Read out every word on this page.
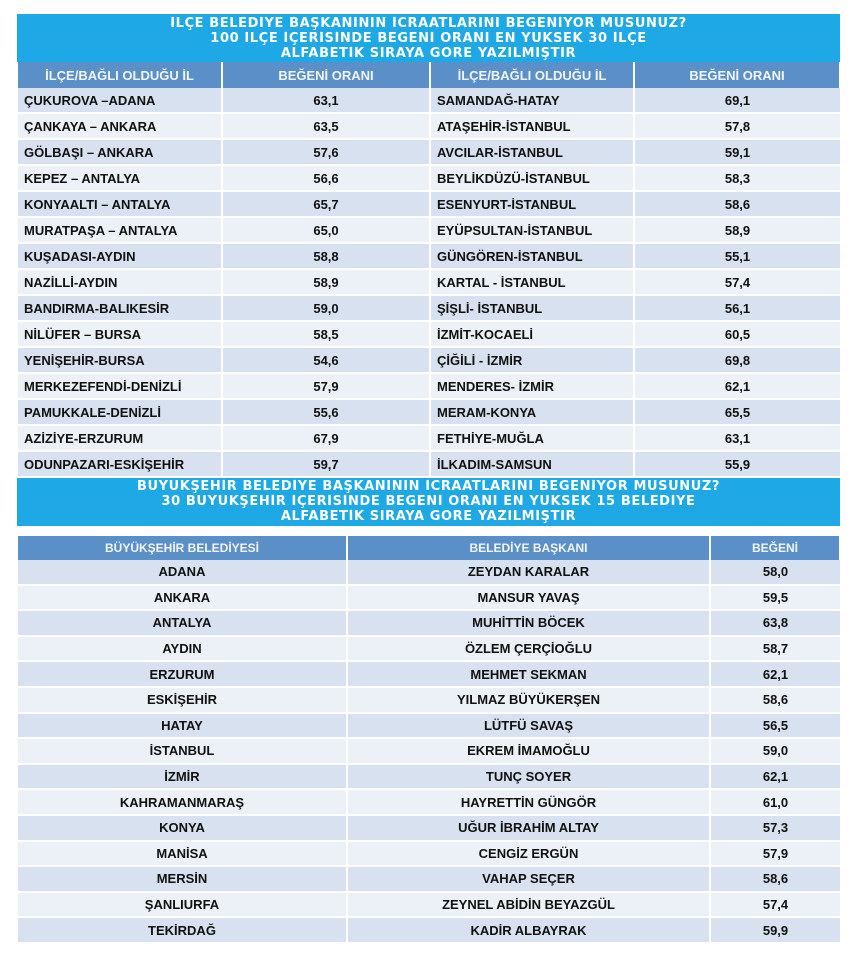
İLÇE BELEDİYE BAŞKANININ İCRAATLARINI BEĞENİYOR MUSUNUZ?
100 İLÇE İÇERİSİNDE BEĞENİ ORANI EN YÜKSEK 30 İLÇE
ALFABETİK SIRAYA GÖRE YAZILMIŞTIR
İLÇE/BAĞLI OLDUĞU İL	BEĞENİ ORANI	İLÇE/BAĞLI OLDUĞU İL	BEĞENİ ORANI
ÇUKUROVA –ADANA	63,1	SAMANDAĞ-HATAY	69,1
ÇANKAYA – ANKARA	63,5	ATAŞEHİR-İSTANBUL	57,8
GÖLBAŞI – ANKARA	57,6	AVCILAR-İSTANBUL	59,1
KEPEZ – ANTALYA	56,6	BEYLİKDÜZÜ-İSTANBUL	58,3
KONYAALTI – ANTALYA	65,7	ESENYURT-İSTANBUL	58,6
MURATPAŞA – ANTALYA	65,0	EYÜPSULTAN-İSTANBUL	58,9
KUŞADASI-AYDIN	58,8	GÜNGÖREN-İSTANBUL	55,1
NAZİLLİ-AYDIN	58,9	KARTAL - İSTANBUL	57,4
BANDIRMA-BALIKESİR	59,0	ŞİŞLİ- İSTANBUL	56,1
NİLÜFER – BURSA	58,5	İZMİT-KOCAELİ	60,5
YENİŞEHİR-BURSA	54,6	ÇİĞİLİ - İZMİR	69,8
MERKEZEFENDİ-DENİZLİ	57,9	MENDERES- İZMİR	62,1
PAMUKKALE-DENİZLİ	55,6	MERAM-KONYA	65,5
AZİZİYE-ERZURUM	67,9	FETHİYE-MUĞLA	63,1
ODUNPAZARI-ESKİŞEHİR	59,7	İLKADIM-SAMSUN	55,9
BÜYÜKŞEHİR BELEDİYE BAŞKANININ İCRAATLARINI BEĞENİYOR MUSUNUZ?
30 BÜYÜKŞEHİR İÇERİSİNDE BEĞENİ ORANI EN YÜKSEK 15 BELEDİYE
ALFABETİK SIRAYA GÖRE YAZILMIŞTIR
BÜYÜKŞEHİR BELEDİYESİ	BELEDİYE BAŞKANI	BEĞENİ
ADANA	ZEYDAN KARALAR	58,0
ANKARA	MANSUR YAVAŞ	59,5
ANTALYA	MUHİTTİN BÖCEK	63,8
AYDIN	ÖZLEM ÇERÇİOĞLU	58,7
ERZURUM	MEHMET SEKMAN	62,1
ESKİŞEHİR	YILMAZ BÜYÜKERŞEN	58,6
HATAY	LÜTFÜ SAVAŞ	56,5
İSTANBUL	EKREM İMAMOĞLU	59,0
İZMİR	TUNÇ SOYER	62,1
KAHRAMANMARAŞ	HAYRETTİN GÜNGÖR	61,0
KONYA	UĞUR İBRAHİM ALTAY	57,3
MANİSA	CENGİZ ERGÜN	57,9
MERSİN	VAHAP SEÇER	58,6
ŞANLIURFA	ZEYNEL ABİDİN BEYAZGÜL	57,4
TEKİRDAĞ	KADİR ALBAYRAK	59,9
